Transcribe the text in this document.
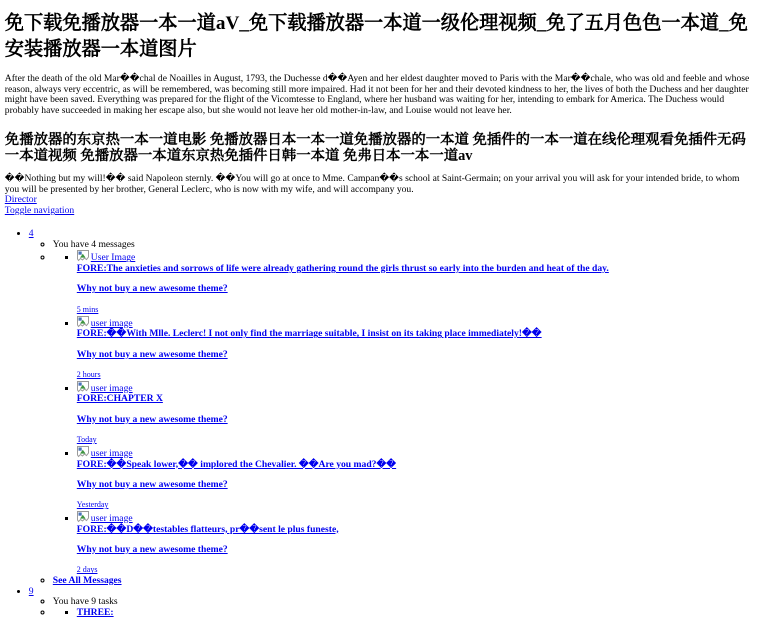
免下载免播放器一本一道aV_免下载播放器一本道一级伦理视频_免了五月色色一本道_免安装播放器一本道图片

After the death of the old Mar��chal de Noailles in August, 1793, the Duchesse d��Ayen and her eldest daughter moved to Paris with the Mar��chale, who was old and feeble and whose reason, always very eccentric, as will be remembered, was becoming still more impaired. Had it not been for her and their devoted kindness to her, the lives of both the Duchess and her daughter might have been saved. Everything was prepared for the flight of the Vicomtesse to England, where her husband was waiting for her, intending to embark for America. The Duchess would probably have succeeded in making her escape also, but she would not leave her old mother-in-law, and Louise would not leave her.

免播放器的东京热一本一道电影 免播放器日本一本一道免播放器的一本道 免插件的一本一道在线伦理观看免插件无码一本道视频 免播放器一本道东京热免插件日韩一本道 免弗日本一本一道av

��Nothing but my will!�� said Napoleon sternly. ��You will go at once to Mme. Campan��s school at Saint-Germain; on your arrival you will ask for your intended bride, to whom you will be presented by her brother, General Leclerc, who is now with my wife, and will accompany you.
Director
Toggle navigation

• 4
◦ You have 4 messages
▪ ◦ User Image
FORE:The anxieties and sorrows of life were already gathering round the girls thrust so early into the burden and heat of the day.

Why not buy a new awesome theme?

5 mins
▪ user image
FORE:��With Mlle. Leclerc! I not only find the marriage suitable, I insist on its taking place immediately!��

Why not buy a new awesome theme?

2 hours
▪ user image
FORE:CHAPTER X

Why not buy a new awesome theme?

Today
▪ user image
FORE:��Speak lower,�� implored the Chevalier. ��Are you mad?��

Why not buy a new awesome theme?

Yesterday
▪ user image
FORE:��D��testables flatteurs, pr��sent le plus funeste,

Why not buy a new awesome theme?

2 days
◦ See All Messages
• 9
◦ You have 9 tasks
▪ ◦ THREE:
